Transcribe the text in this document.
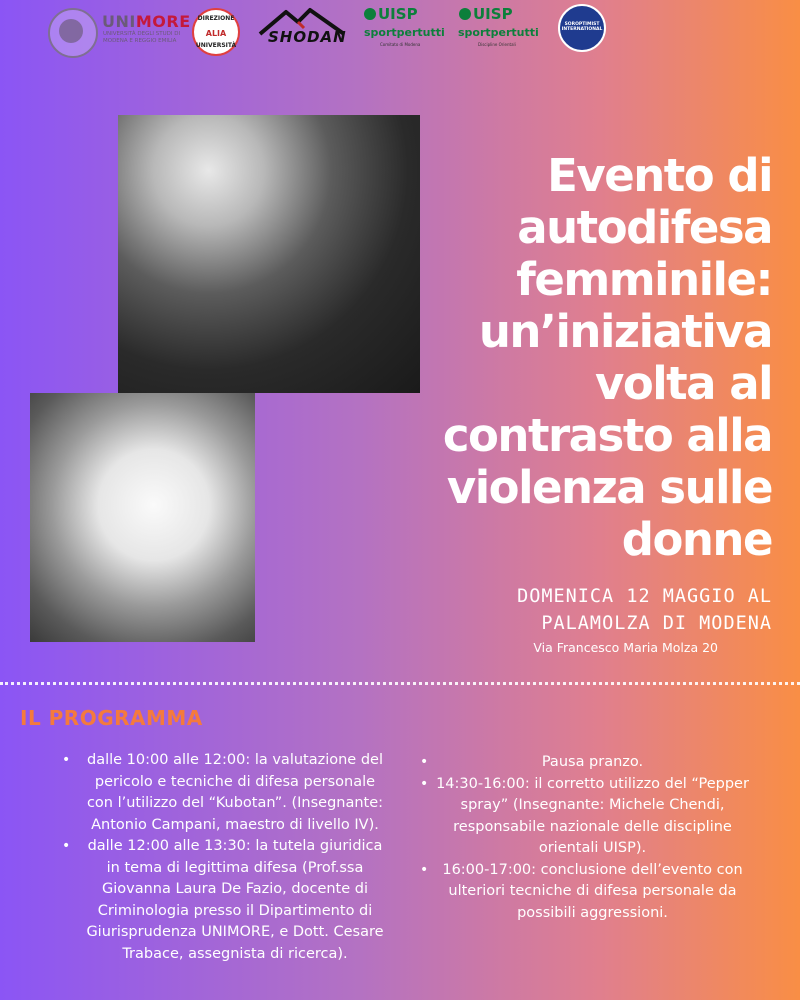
UNIMORE
UNIVERSITÀ DEGLI STUDI DI MODENA E REGGIO EMILIA
DIREZIONE
ALIA
UNIVERSITÀ SHODAN
UISP
sportpertutti
Comitato di Modena
UISP
sportpertutti
Discipline Orientali
SOROPTIMIST INTERNATIONAL
Evento di
autodifesa
femminile:
un’iniziativa
volta al
contrasto alla
violenza sulle
donne
DOMENICA 12 MAGGIO AL
PALAMOLZA DI MODENA
Via Francesco Maria Molza 20
IL PROGRAMMA
• dalle 10:00 alle 12:00: la valutazione del pericolo e tecniche di difesa personale con l’utilizzo del “Kubotan”. (Insegnante: Antonio Campani, maestro di livello IV).
• dalle 12:00 alle 13:30: la tutela giuridica in tema di legittima difesa (Prof.ssa Giovanna Laura De Fazio, docente di Criminologia presso il Dipartimento di Giurisprudenza UNIMORE, e Dott. Cesare Trabace, assegnista di ricerca).
•	Pausa pranzo.
• 14:30-16:00: il corretto utilizzo del “Pepper spray” (Insegnante: Michele Chendi, responsabile nazionale delle discipline orientali UISP).
• 16:00-17:00: conclusione dell’evento con ulteriori tecniche di difesa personale da possibili aggressioni.
